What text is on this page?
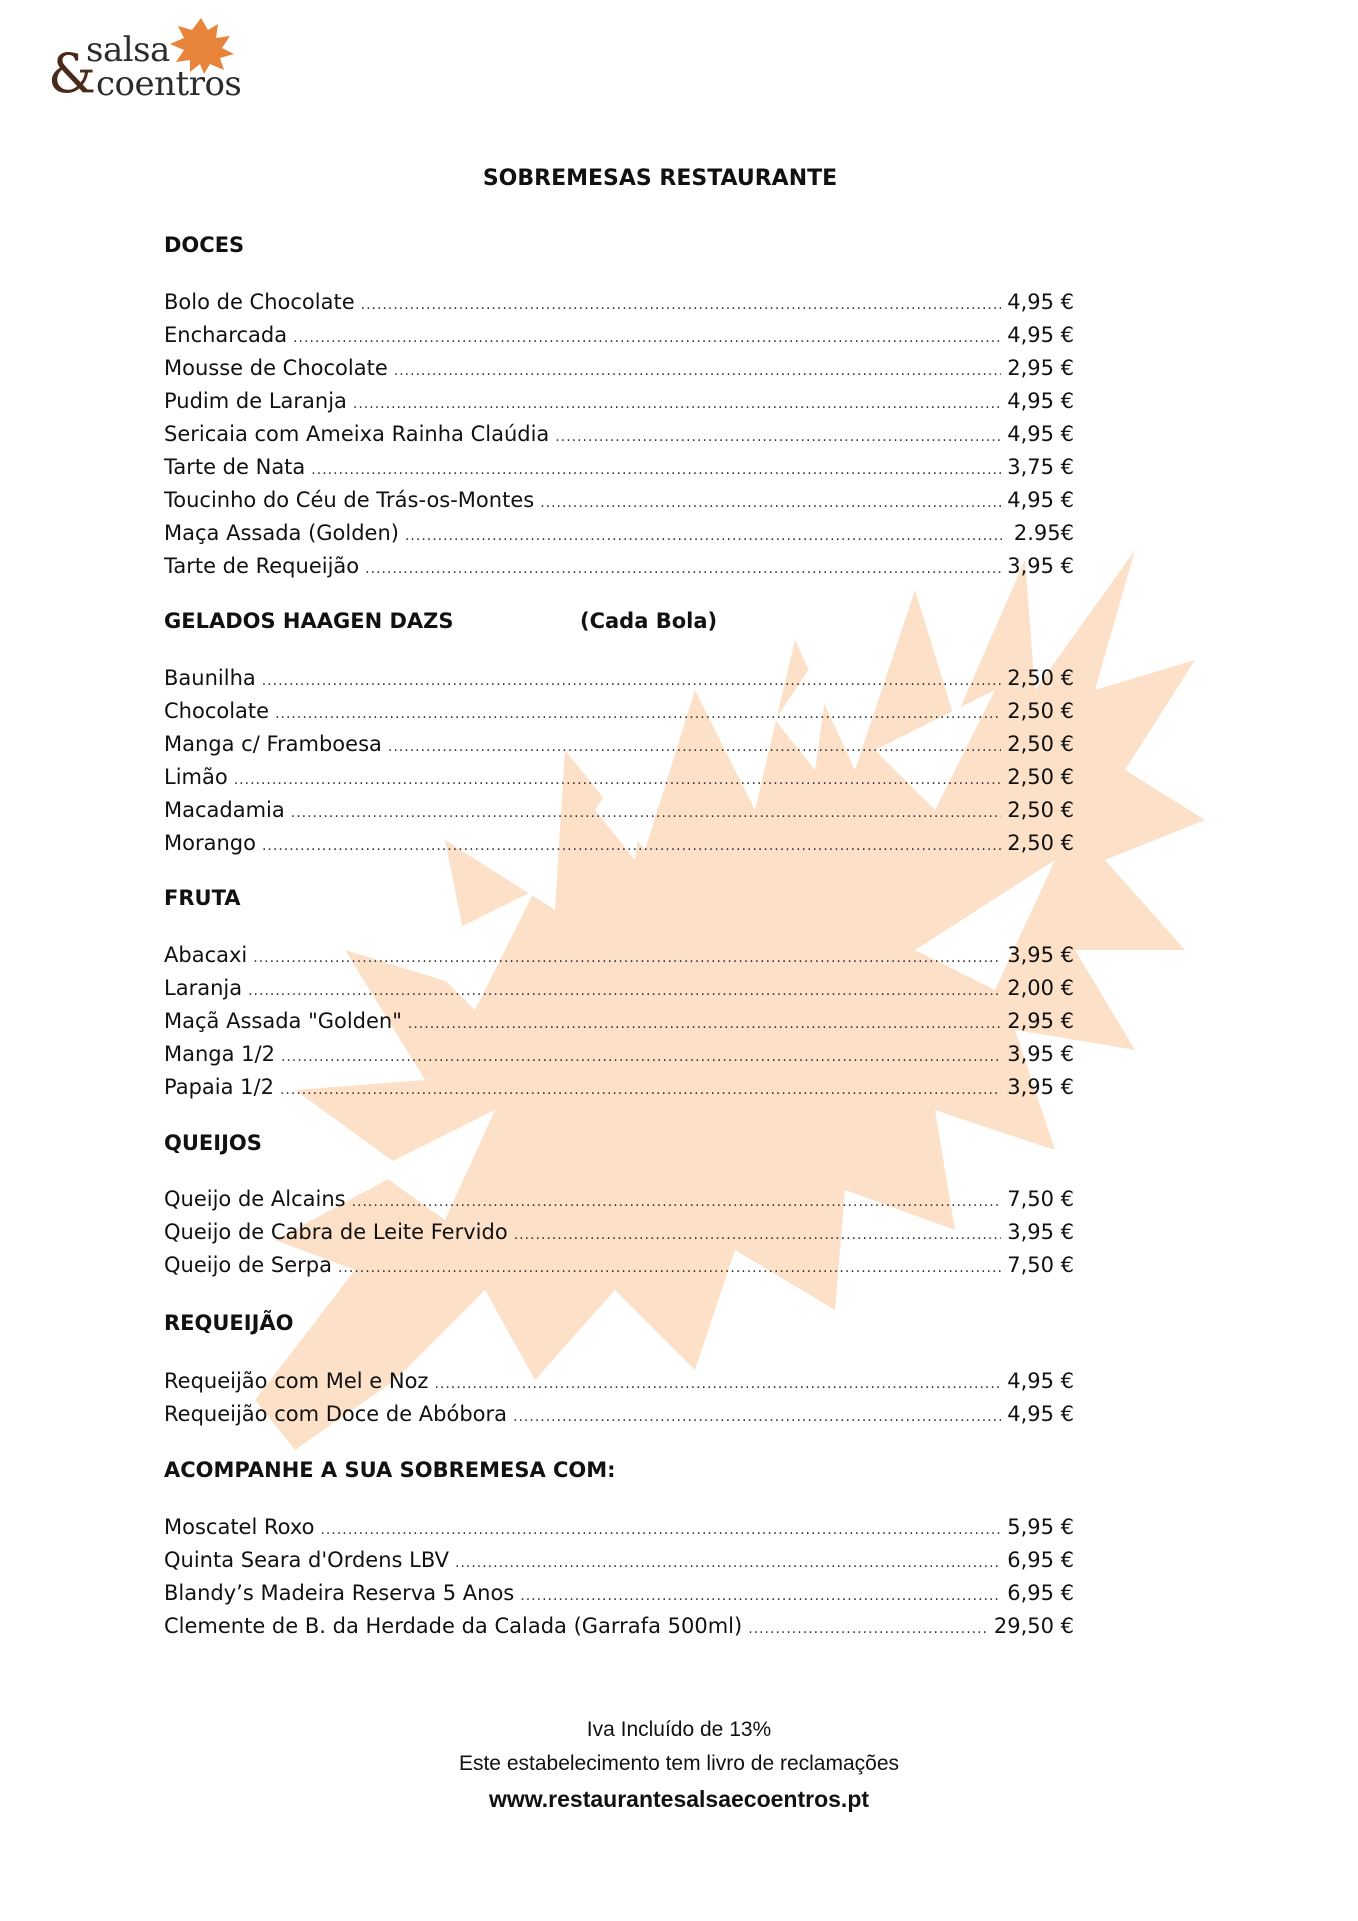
salsa
& coentros
SOBREMESAS RESTAURANTE
DOCES
Bolo de Chocolate .....	4,95 €
Encharcada .....	4,95 €
Mousse de Chocolate .....	2,95 €
Pudim de Laranja .....	4,95 €
Sericaia com Ameixa Rainha Claúdia .....	4,95 €
Tarte de Nata .....	3,75 €
Toucinho do Céu de Trás-os-Montes .....	4,95 €
Maça Assada (Golden) .....	2.95€
Tarte de Requeijão .....	3,95 €
GELADOS HAAGEN DAZS	(Cada Bola)
Baunilha .....	2,50 €
Chocolate .....	2,50 €
Manga c/ Framboesa .....	2,50 €
Limão .....	2,50 €
Macadamia .....	2,50 €
Morango .....	2,50 €
FRUTA
Abacaxi .....	3,95 €
Laranja .....	2,00 €
Maçã Assada "Golden" .....	2,95 €
Manga 1/2 .....	3,95 €
Papaia 1/2 .....	3,95 €
QUEIJOS
Queijo de Alcains .....	7,50 €
Queijo de Cabra de Leite Fervido .....	3,95 €
Queijo de Serpa .....	7,50 €
REQUEIJÃO
Requeijão com Mel e Noz .....	4,95 €
Requeijão com Doce de Abóbora .....	4,95 €
ACOMPANHE A SUA SOBREMESA COM:
Moscatel Roxo .....	5,95 €
Quinta Seara d'Ordens LBV .....	6,95 €
Blandy’s Madeira Reserva 5 Anos .....	6,95 €
Clemente de B. da Herdade da Calada (Garrafa 500ml) .....	29,50 €
Iva Incluído de 13%
Este estabelecimento tem livro de reclamações
www.restaurantesalsaecoentros.pt
